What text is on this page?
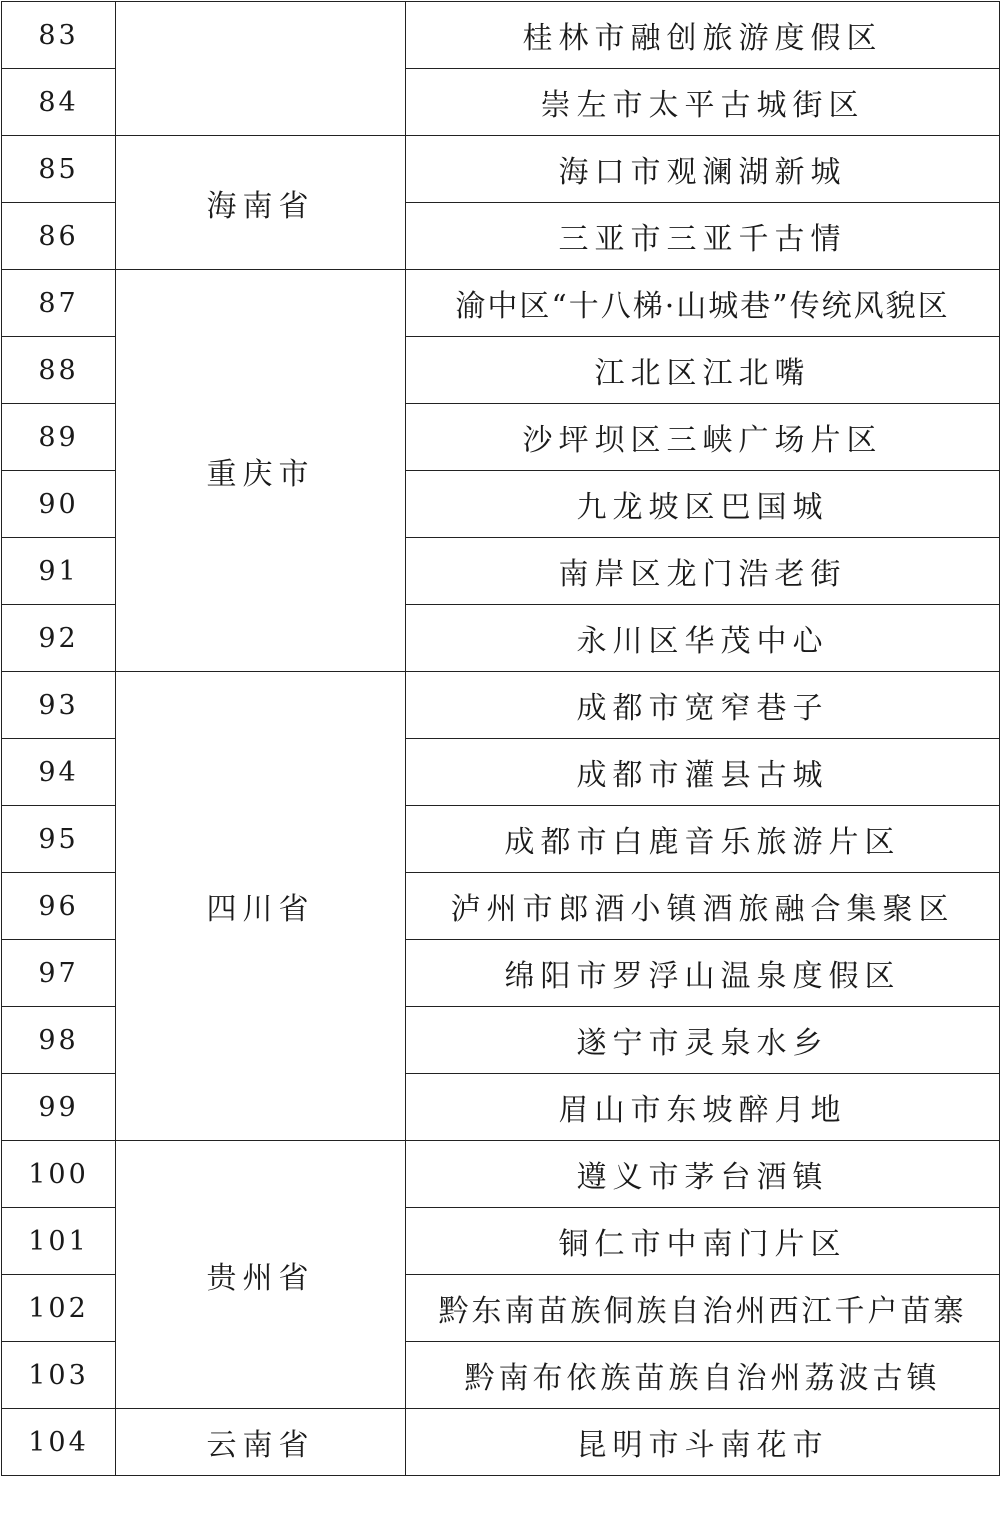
83		桂林市融创旅游度假区
84		崇左市太平古城街区
85	海南省	海口市观澜湖新城
86		三亚市三亚千古情
87	重庆市	渝中区“十八梯·山城巷”传统风貌区
88		江北区江北嘴
89		沙坪坝区三峡广场片区
90		九龙坡区巴国城
91		南岸区龙门浩老街
92		永川区华茂中心
93	四川省	成都市宽窄巷子
94		成都市灌县古城
95		成都市白鹿音乐旅游片区
96		泸州市郎酒小镇酒旅融合集聚区
97		绵阳市罗浮山温泉度假区
98		遂宁市灵泉水乡
99		眉山市东坡醉月地
100	贵州省	遵义市茅台酒镇
101		铜仁市中南门片区
102		黔东南苗族侗族自治州西江千户苗寨
103		黔南布依族苗族自治州荔波古镇
104	云南省	昆明市斗南花市
